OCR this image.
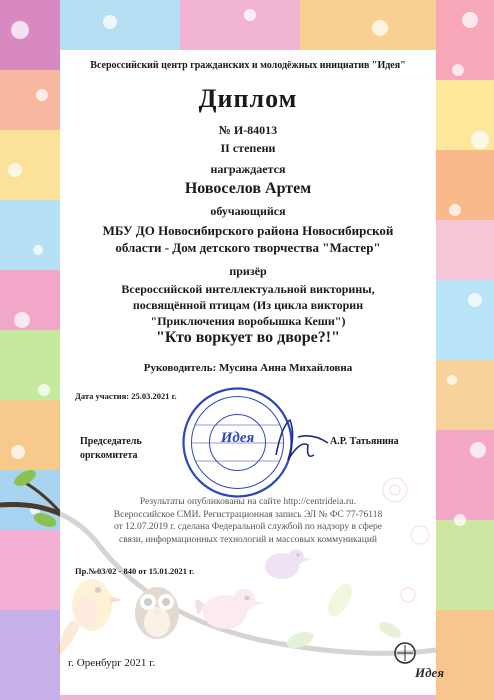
Всероссийский центр гражданских и молодёжных инициатив "Идея"
Диплом
№ И-84013
II степени
награждается
Новоселов Артем
обучающийся
МБУ ДО Новосибирского района Новосибирской
области - Дом детского творчества "Мастер"
призёр
Всероссийской интеллектуальной викторины,
посвящённой птицам (Из цикла викторин
"Приключения воробышка Кеши")
"Кто воркует во дворе?!"
Руководитель: Мусина Анна Михайловна
Дата участия: 25.03.2021 г.
Идея
Председатель
оргкомитета
А.Р. Татьянина
Результаты опубликованы на сайте http://centrideia.ru.
Всероссийское СМИ. Регистрационная запись ЭЛ № ФС 77-76118
от 12.07.2019 г. сделана Федеральной службой по надзору в сфере
связи, информационных технологий и массовых коммуникаций
Пр.№03/02 - 840 от 15.01.2021 г.
г. Оренбург 2021 г.
Идея
